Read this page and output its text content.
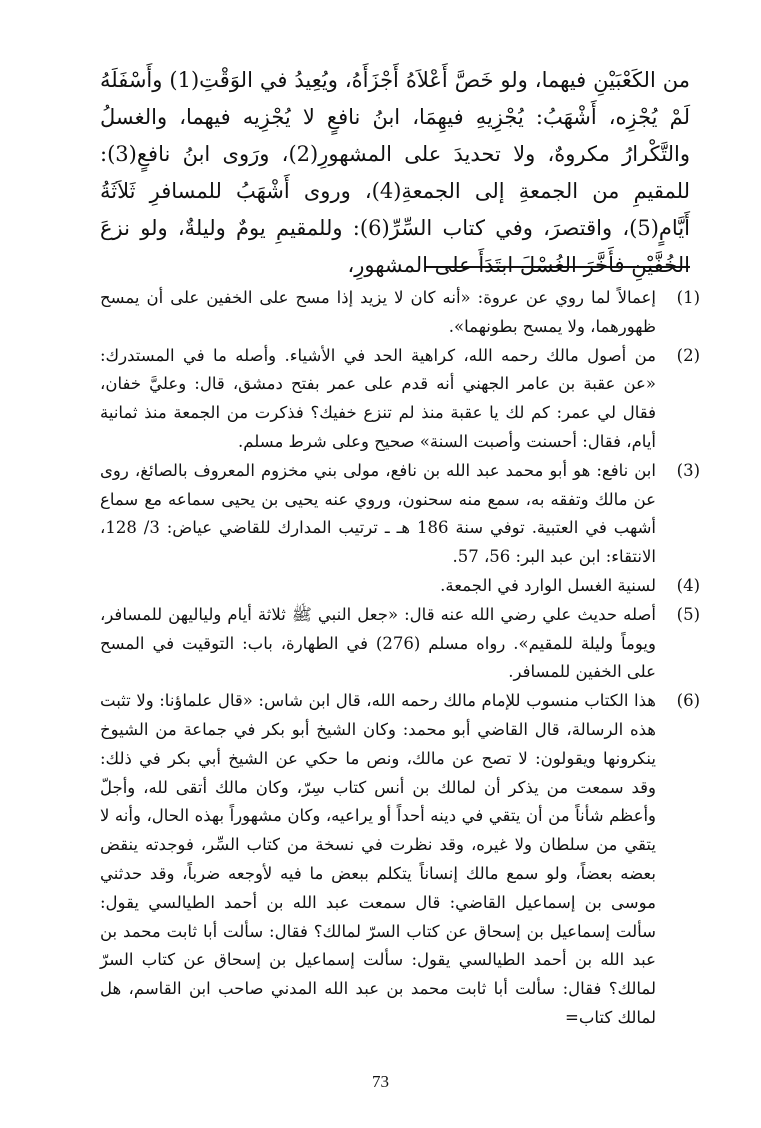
من الكَعْبَيْنِ فيهما، ولو خَصَّ أَعْلاَهُ أَجْزَأَهُ، ويُعِيدُ في الوَقْتِ(1) وأَسْفَلَهُ لَمْ يُجْزِه، أَشْهَبُ: يُجْزِيهِ فيهِمَا، ابنُ نافعٍ لا يُجْزِيه فيهما، والغسلُ والتَّكْرارُ مكروهٌ، ولا تحديدَ على المشهورِ(2)، ورَوى ابنُ نافعٍ(3): للمقيمِ من الجمعةِ إلى الجمعةِ(4)، وروى أَشْهَبُ للمسافرِ ثَلاَثَةُ أَيَّامٍ(5)، واقتصرَ، وفي كتاب السِّرِّ(6): وللمقيمِ يومٌ وليلةٌ، ولو نزعَ الخُفَّيْنِ فأَخَّرَ الغُسْلَ ابتَدَأَ على المشهورِ،

(1)

إعمالاً لما روي عن عروة: «أنه كان لا يزيد إذا مسح على الخفين على أن يمسح ظهورهما، ولا يمسح بطونهما».

(2)

من أصول مالك رحمه الله، كراهية الحد في الأشياء. وأصله ما في المستدرك: «عن عقبة بن عامر الجهني أنه قدم على عمر بفتح دمشق، قال: وعليَّ خفان، فقال لي عمر: كم لك يا عقبة منذ لم تنزع خفيك؟ فذكرت من الجمعة منذ ثمانية أيام، فقال: أحسنت وأصبت السنة» صحيح وعلى شرط مسلم.

(3)

ابن نافع: هو أبو محمد عبد الله بن نافع، مولى بني مخزوم المعروف بالصائغ، روى عن مالك وتفقه به، سمع منه سحنون، وروي عنه يحيى بن يحيى سماعه مع سماع أشهب في العتبية. توفي سنة 186 هـ ـ ترتيب المدارك للقاضي عياض: 3/ 128، الانتقاء: ابن عبد البر: 56، 57.

(4)

لسنية الغسل الوارد في الجمعة.

(5)

أصله حديث علي رضي الله عنه قال: «جعل النبي ﷺ ثلاثة أيام ولياليهن للمسافر، ويوماً وليلة للمقيم». رواه مسلم (276) في الطهارة، باب: التوقيت في المسح على الخفين للمسافر.

(6)

هذا الكتاب منسوب للإمام مالك رحمه الله، قال ابن شاس: «قال علماؤنا: ولا تثبت هذه الرسالة، قال القاضي أبو محمد: وكان الشيخ أبو بكر في جماعة من الشيوخ ينكرونها ويقولون: لا تصح عن مالك، ونص ما حكي عن الشيخ أبي بكر في ذلك: وقد سمعت من يذكر أن لمالك بن أنس كتاب سِرّ، وكان مالك أتقى لله، وأجلّ وأعظم شأناً من أن يتقي في دينه أحداً أو يراعيه، وكان مشهوراً بهذه الحال، وأنه لا يتقي من سلطان ولا غيره، وقد نظرت في نسخة من كتاب السِّر، فوجدته ينقض بعضه بعضاً، ولو سمع مالك إنساناً يتكلم ببعض ما فيه لأوجعه ضرباً، وقد حدثني موسى بن إسماعيل القاضي: قال سمعت عبد الله بن أحمد الطيالسي يقول: سألت إسماعيل بن إسحاق عن كتاب السرّ لمالك؟ فقال: سألت أبا ثابت محمد بن عبد الله بن أحمد الطيالسي يقول: سألت إسماعيل بن إسحاق عن كتاب السرّ لمالك؟ فقال: سألت أبا ثابت محمد بن عبد الله المدني صاحب ابن القاسم، هل لمالك كتاب=

73
